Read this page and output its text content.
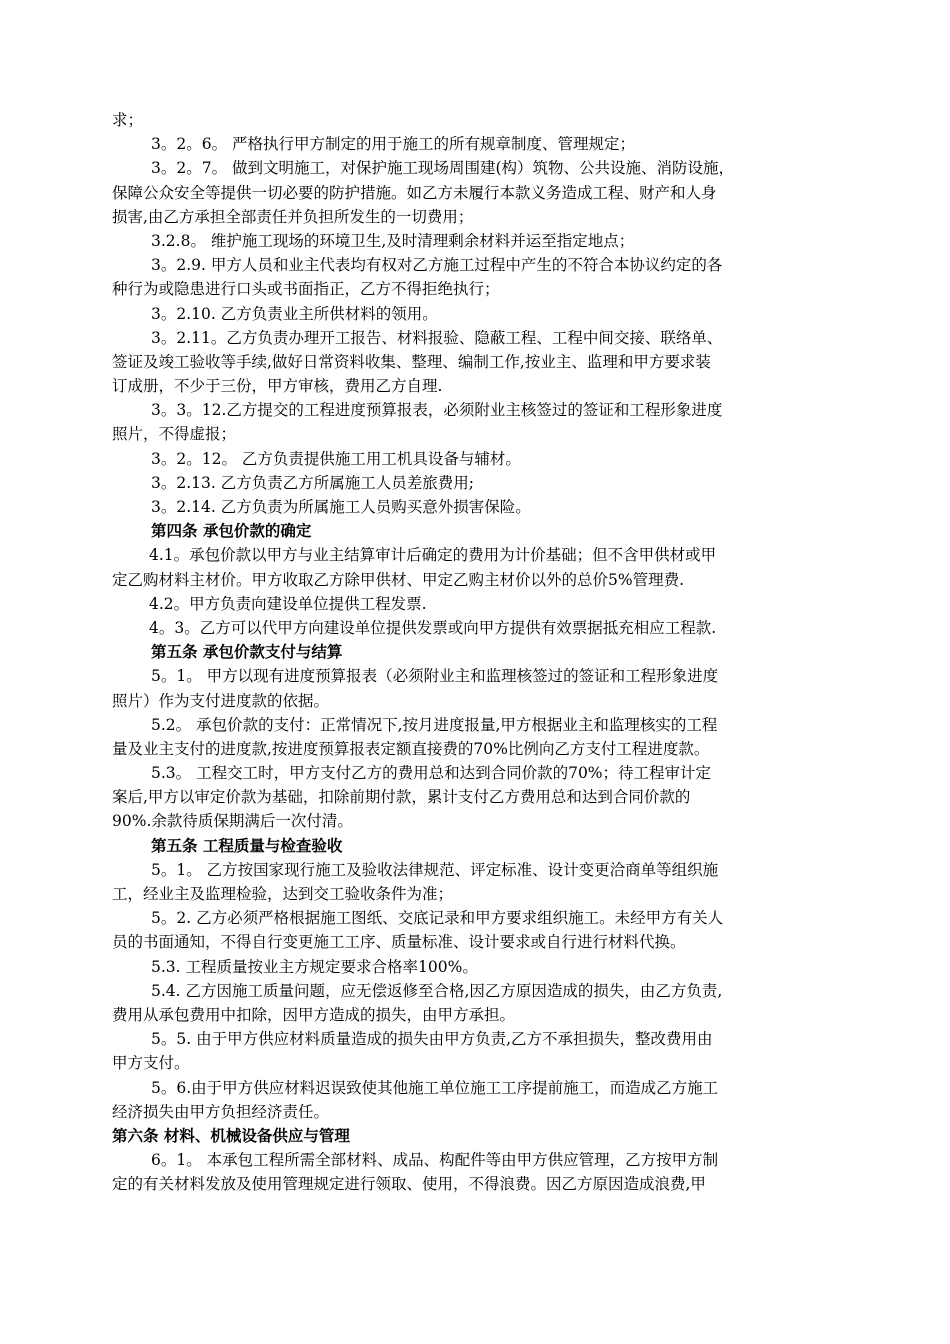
求；
3。2。6。 严格执行甲方制定的用于施工的所有规章制度、管理规定；
3。2。7。 做到文明施工，对保护施工现场周围建(构）筑物、公共设施、消防设施，
保障公众安全等提供一切必要的防护措施。如乙方未履行本款义务造成工程、财产和人身
损害,由乙方承担全部责任并负担所发生的一切费用；
3.2.8。 维护施工现场的环境卫生,及时清理剩余材料并运至指定地点；
3。2.9. 甲方人员和业主代表均有权对乙方施工过程中产生的不符合本协议约定的各
种行为或隐患进行口头或书面指正，乙方不得拒绝执行；
3。2.10. 乙方负责业主所供材料的领用。
3。2.11。乙方负责办理开工报告、材料报验、隐蔽工程、工程中间交接、联络单、
签证及竣工验收等手续,做好日常资料收集、整理、编制工作,按业主、监理和甲方要求装
订成册，不少于三份，甲方审核，费用乙方自理.
3。3。12.乙方提交的工程进度预算报表，必须附业主核签过的签证和工程形象进度
照片，不得虚报；
3。2。12。 乙方负责提供施工用工机具设备与辅材。
3。2.13. 乙方负责乙方所属施工人员差旅费用;
3。2.14. 乙方负责为所属施工人员购买意外损害保险。
第四条 承包价款的确定
4.1。承包价款以甲方与业主结算审计后确定的费用为计价基础；但不含甲供材或甲
定乙购材料主材价。甲方收取乙方除甲供材、甲定乙购主材价以外的总价5%管理费.
4.2。甲方负责向建设单位提供工程发票.
4。3。乙方可以代甲方向建设单位提供发票或向甲方提供有效票据抵充相应工程款.
第五条 承包价款支付与结算
5。1。 甲方以现有进度预算报表（必须附业主和监理核签过的签证和工程形象进度
照片）作为支付进度款的依据。
5.2。 承包价款的支付：正常情况下,按月进度报量,甲方根据业主和监理核实的工程
量及业主支付的进度款,按进度预算报表定额直接费的70%比例向乙方支付工程进度款。
5.3。 工程交工时，甲方支付乙方的费用总和达到合同价款的70%；待工程审计定
案后,甲方以审定价款为基础，扣除前期付款，累计支付乙方费用总和达到合同价款的
90%.余款待质保期满后一次付清。
第五条 工程质量与检查验收
5。1。 乙方按国家现行施工及验收法律规范、评定标准、设计变更洽商单等组织施
工，经业主及监理检验，达到交工验收条件为准；
5。2. 乙方必须严格根据施工图纸、交底记录和甲方要求组织施工。未经甲方有关人
员的书面通知，不得自行变更施工工序、质量标准、设计要求或自行进行材料代换。
5.3. 工程质量按业主方规定要求合格率100%。
5.4. 乙方因施工质量问题，应无偿返修至合格,因乙方原因造成的损失，由乙方负责,
费用从承包费用中扣除，因甲方造成的损失，由甲方承担。
5。5. 由于甲方供应材料质量造成的损失由甲方负责,乙方不承担损失，整改费用由
甲方支付。
5。6.由于甲方供应材料迟误致使其他施工单位施工工序提前施工，而造成乙方施工
经济损失由甲方负担经济责任。
第六条 材料、机械设备供应与管理
6。1。 本承包工程所需全部材料、成品、构配件等由甲方供应管理，乙方按甲方制
定的有关材料发放及使用管理规定进行领取、使用，不得浪费。因乙方原因造成浪费,甲
